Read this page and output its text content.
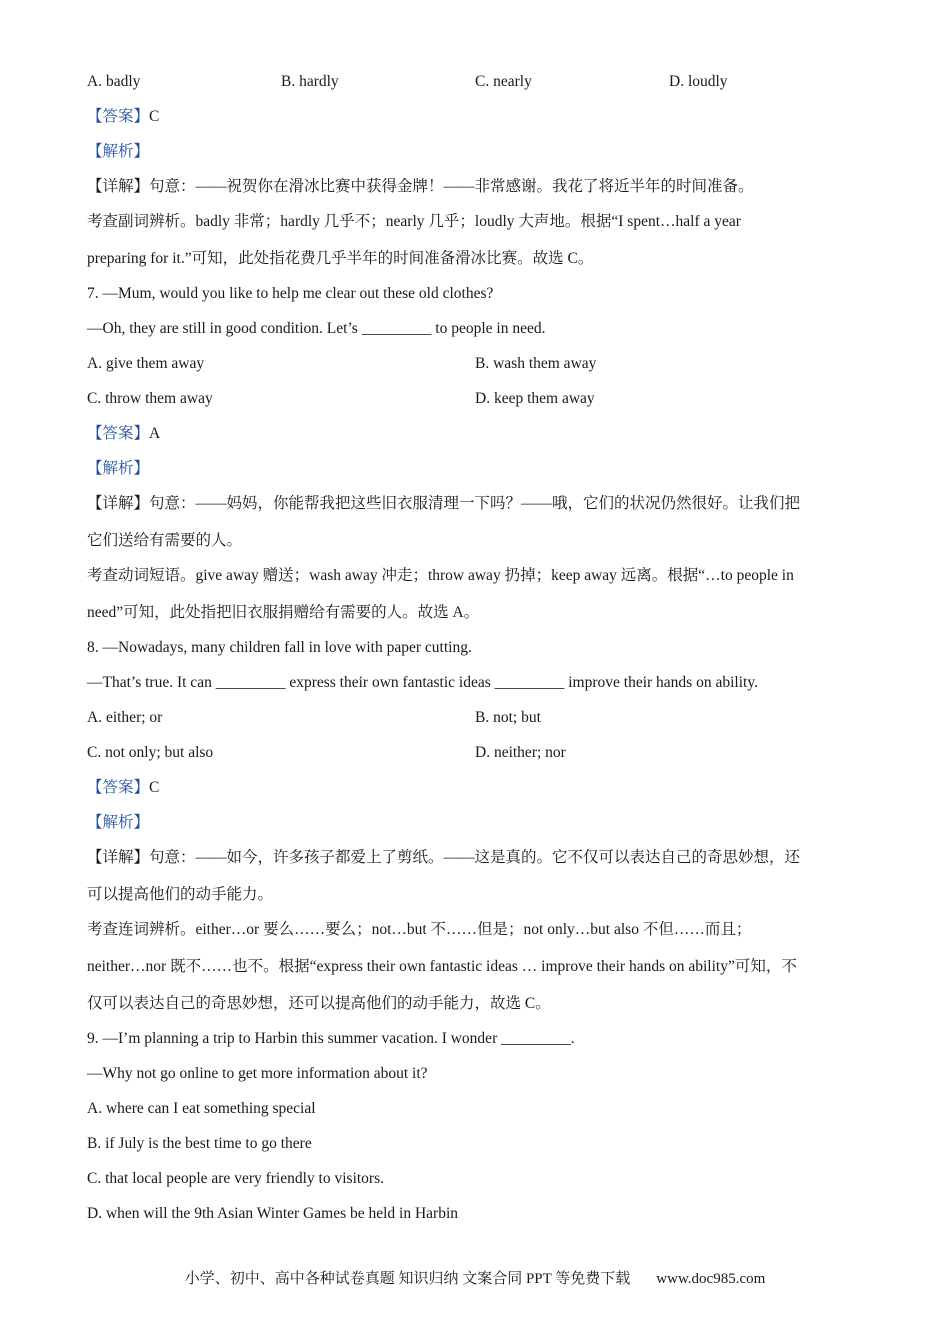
A. badly	B. hardly	C. nearly	D. loudly
【答案】C
【解析】
【详解】句意：——祝贺你在滑冰比赛中获得金牌！——非常感谢。我花了将近半年的时间准备。
考查副词辨析。badly 非常；hardly 几乎不；nearly 几乎；loudly 大声地。根据“I spent…half a year
preparing for it.”可知，此处指花费几乎半年的时间准备滑冰比赛。故选 C。
7. —Mum, would you like to help me clear out these old clothes?
—Oh, they are still in good condition. Let’s _________ to people in need.
A. give them away	B. wash them away
C. throw them away	D. keep them away
【答案】A
【解析】
【详解】句意：——妈妈，你能帮我把这些旧衣服清理一下吗？——哦，它们的状况仍然很好。让我们把
它们送给有需要的人。
考查动词短语。give away 赠送；wash away 冲走；throw away 扔掉；keep away 远离。根据“…to people in
need”可知，此处指把旧衣服捐赠给有需要的人。故选 A。
8. —Nowadays, many children fall in love with paper cutting.
—That’s true. It can _________ express their own fantastic ideas _________ improve their hands on ability.
A. either; or	B. not; but
C. not only; but also	D. neither; nor
【答案】C
【解析】
【详解】句意：——如今，许多孩子都爱上了剪纸。——这是真的。它不仅可以表达自己的奇思妙想，还
可以提高他们的动手能力。
考查连词辨析。either…or 要么……要么；not…but 不……但是；not only…but also 不但……而且；
neither…nor 既不……也不。根据“express their own fantastic ideas … improve their hands on ability”可知，不
仅可以表达自己的奇思妙想，还可以提高他们的动手能力，故选 C。
9. —I’m planning a trip to Harbin this summer vacation. I wonder _________.
—Why not go online to get more information about it?
A. where can I eat something special
B. if July is the best time to go there
C. that local people are very friendly to visitors.
D. when will the 9th Asian Winter Games be held in Harbin
小学、初中、高中各种试卷真题 知识归纳 文案合同 PPT 等免费下载 www.doc985.com
